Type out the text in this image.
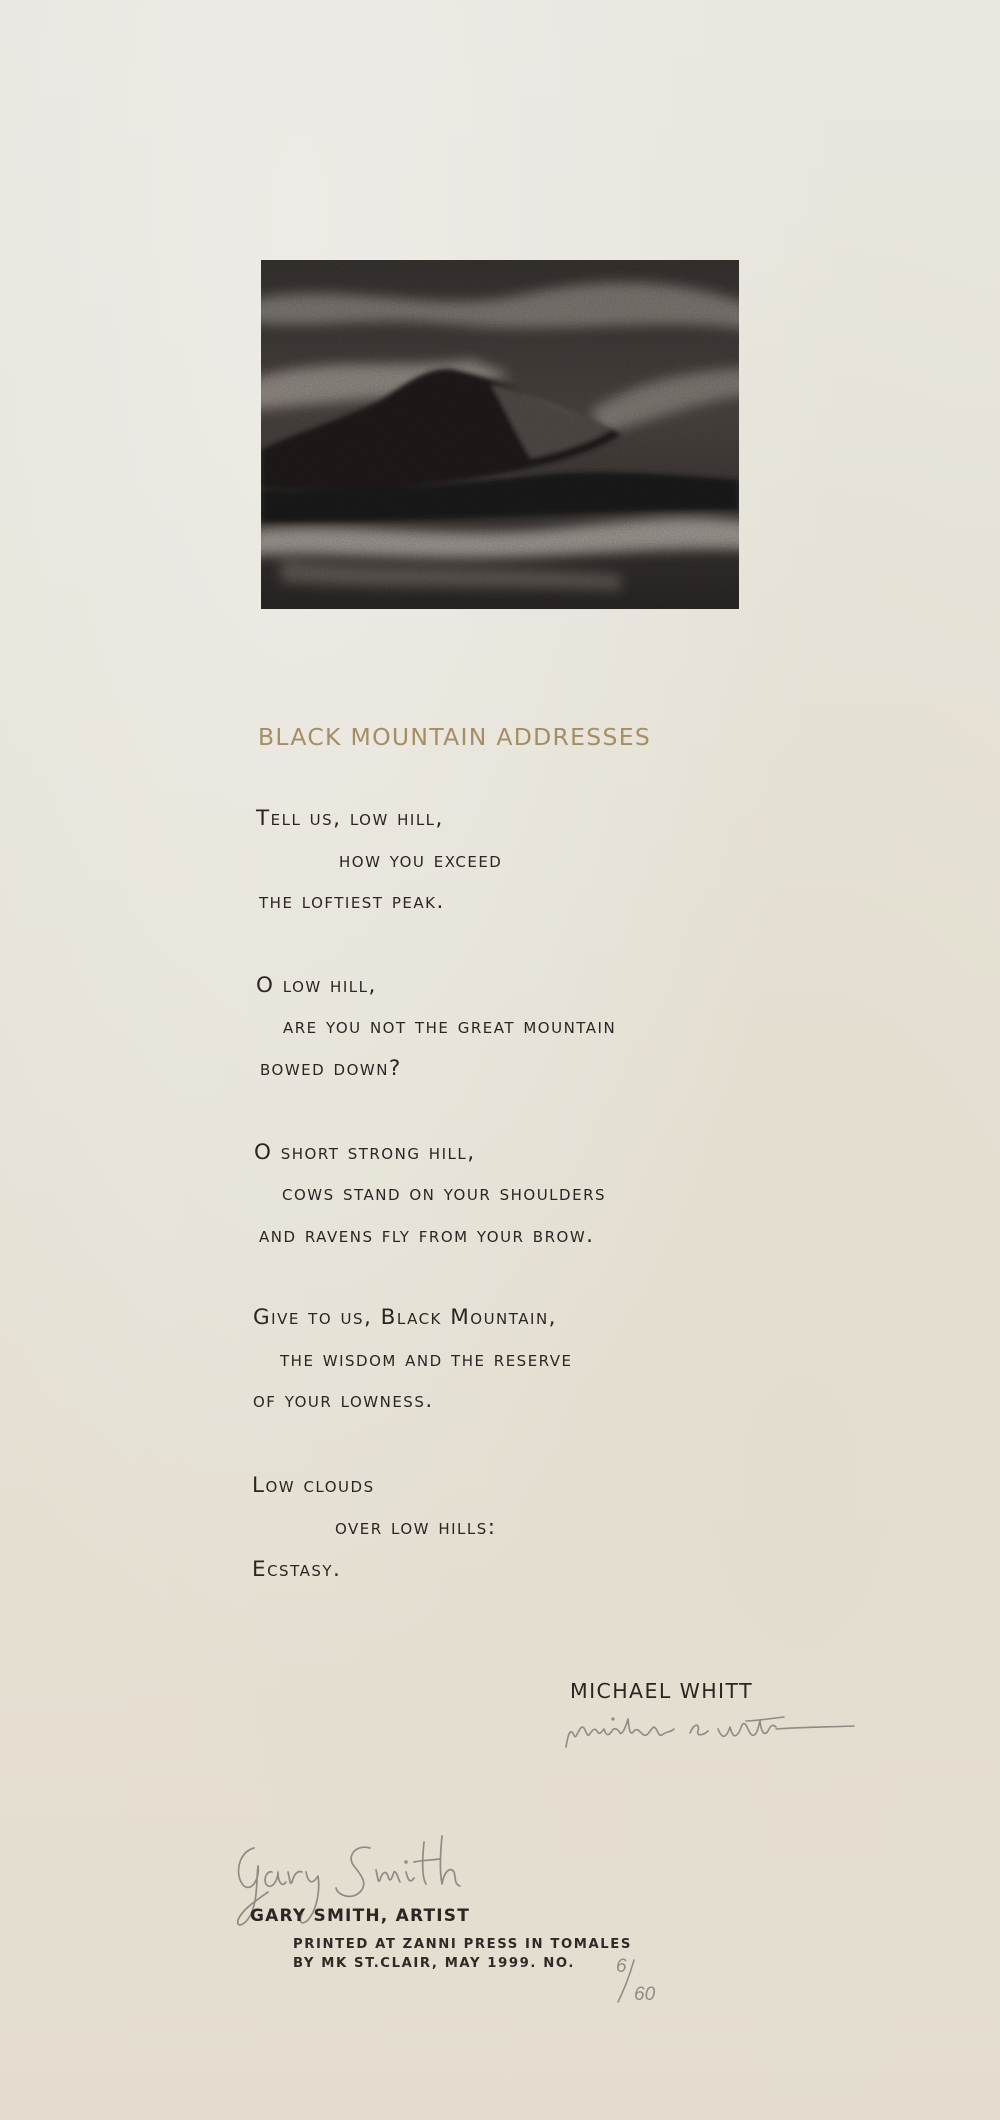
BLACK MOUNTAIN ADDRESSES
Tell us, low hill,
how you exceed
the loftiest peak.
O low hill,
are you not the great mountain
bowed down?
O short strong hill,
cows stand on your shoulders
and ravens fly from your brow.
Give to us, Black Mountain,
the wisdom and the reserve
of your lowness.
Low clouds
over low hills:
Ecstasy.
MICHAEL WHITT
GARY SMITH, ARTIST
PRINTED AT ZANNI PRESS IN TOMALES
BY MK ST.CLAIR, MAY 1999. NO. 6
60
